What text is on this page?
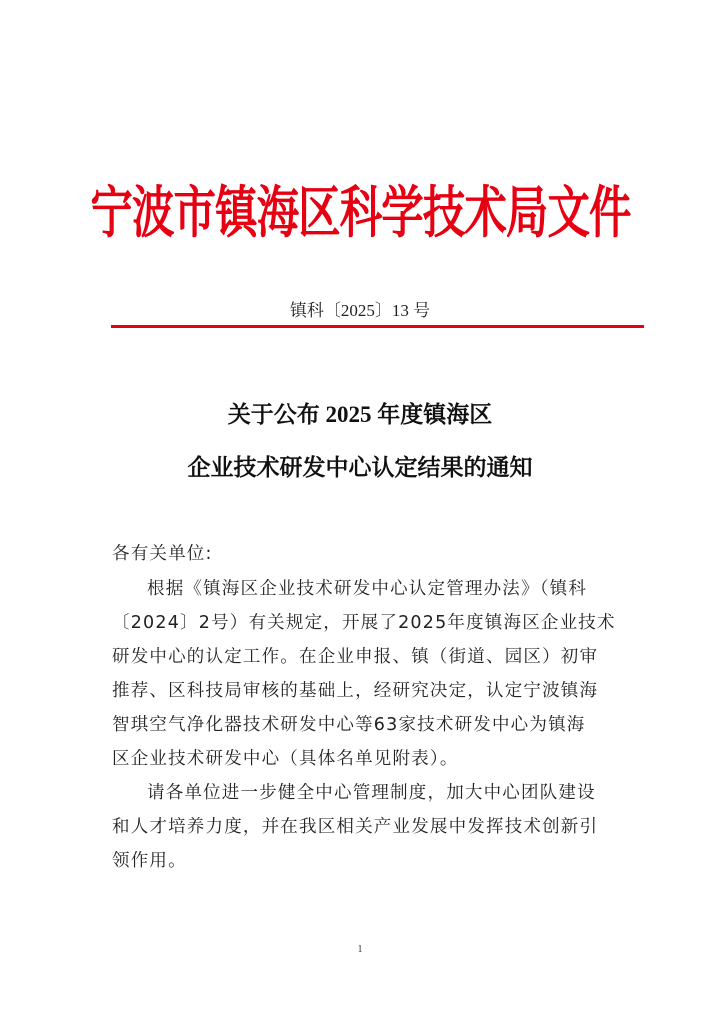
宁波市镇海区科学技术局文件
镇科〔2025〕13 号
关于公布 2025 年度镇海区
企业技术研发中心认定结果的通知
各有关单位:
根据《镇海区企业技术研发中心认定管理办法》（镇科
〔2024〕2号）有关规定，开展了2025年度镇海区企业技术
研发中心的认定工作。在企业申报、镇（街道、园区）初审
推荐、区科技局审核的基础上，经研究决定，认定宁波镇海
智琪空气净化器技术研发中心等63家技术研发中心为镇海
区企业技术研发中心（具体名单见附表）。
请各单位进一步健全中心管理制度，加大中心团队建设
和人才培养力度，并在我区相关产业发展中发挥技术创新引
领作用。
1
